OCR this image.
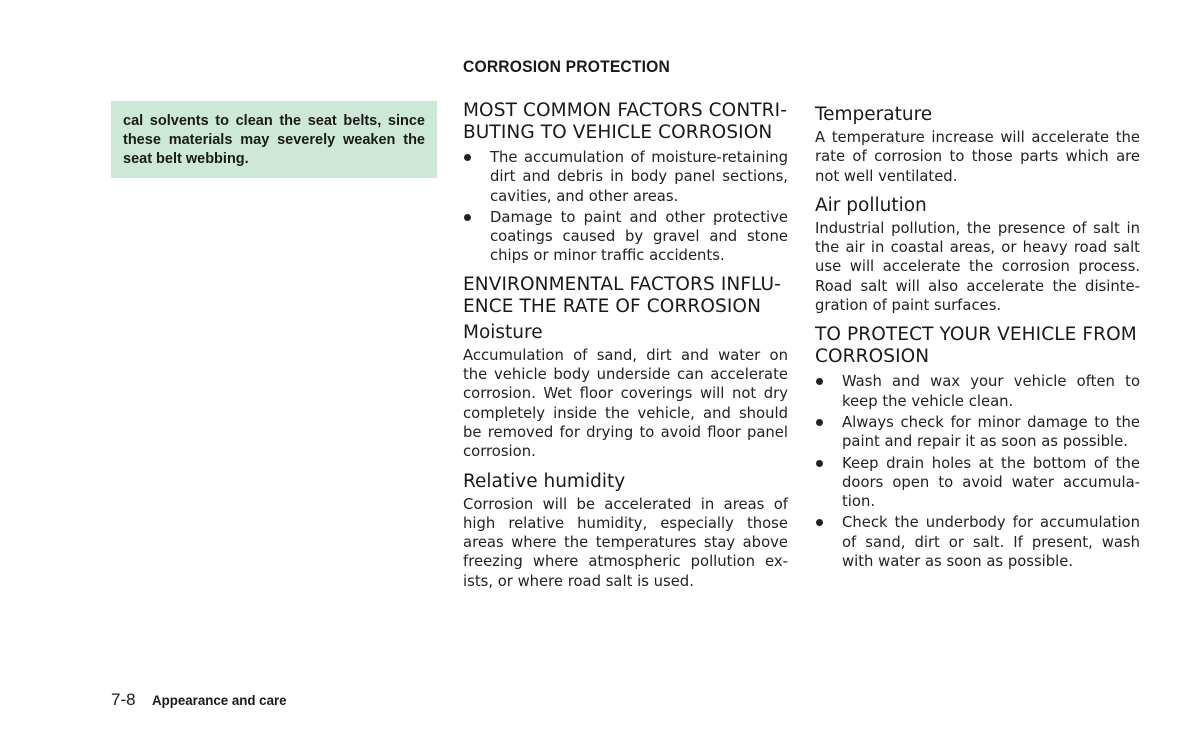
CORROSION PROTECTION

cal solvents to clean the seat belts, since these materials may severely weaken the seat belt webbing.

MOST COMMON FACTORS CONTRI-
BUTING TO VEHICLE CORROSION
The accumulation of moisture-retaining dirt and debris in body panel sections, cavities, and other areas.
Damage to paint and other protective coatings caused by gravel and stone chips or minor traffic accidents.
ENVIRONMENTAL FACTORS INFLU-
ENCE THE RATE OF CORROSION
Moisture

Accumulation of sand, dirt and water on the vehicle body underside can accelerate corrosion. Wet floor coverings will not dry completely inside the vehicle, and should be removed for drying to avoid floor panel corrosion.

Relative humidity

Corrosion will be accelerated in areas of high relative humidity, especially those areas where the temperatures stay above freezing where atmospheric pollution ex-ists, or where road salt is used.

Temperature

A temperature increase will accelerate the rate of corrosion to those parts which are not well ventilated.

Air pollution

Industrial pollution, the presence of salt in the air in coastal areas, or heavy road salt use will accelerate the corrosion process. Road salt will also accelerate the disinte-gration of paint surfaces.

TO PROTECT YOUR VEHICLE FROM
CORROSION
Wash and wax your vehicle often to keep the vehicle clean.
Always check for minor damage to the paint and repair it as soon as possible.
Keep drain holes at the bottom of the doors open to avoid water accumula-tion.
Check the underbody for accumulation of sand, dirt or salt. If present, wash with water as soon as possible.
7-8 Appearance and care
